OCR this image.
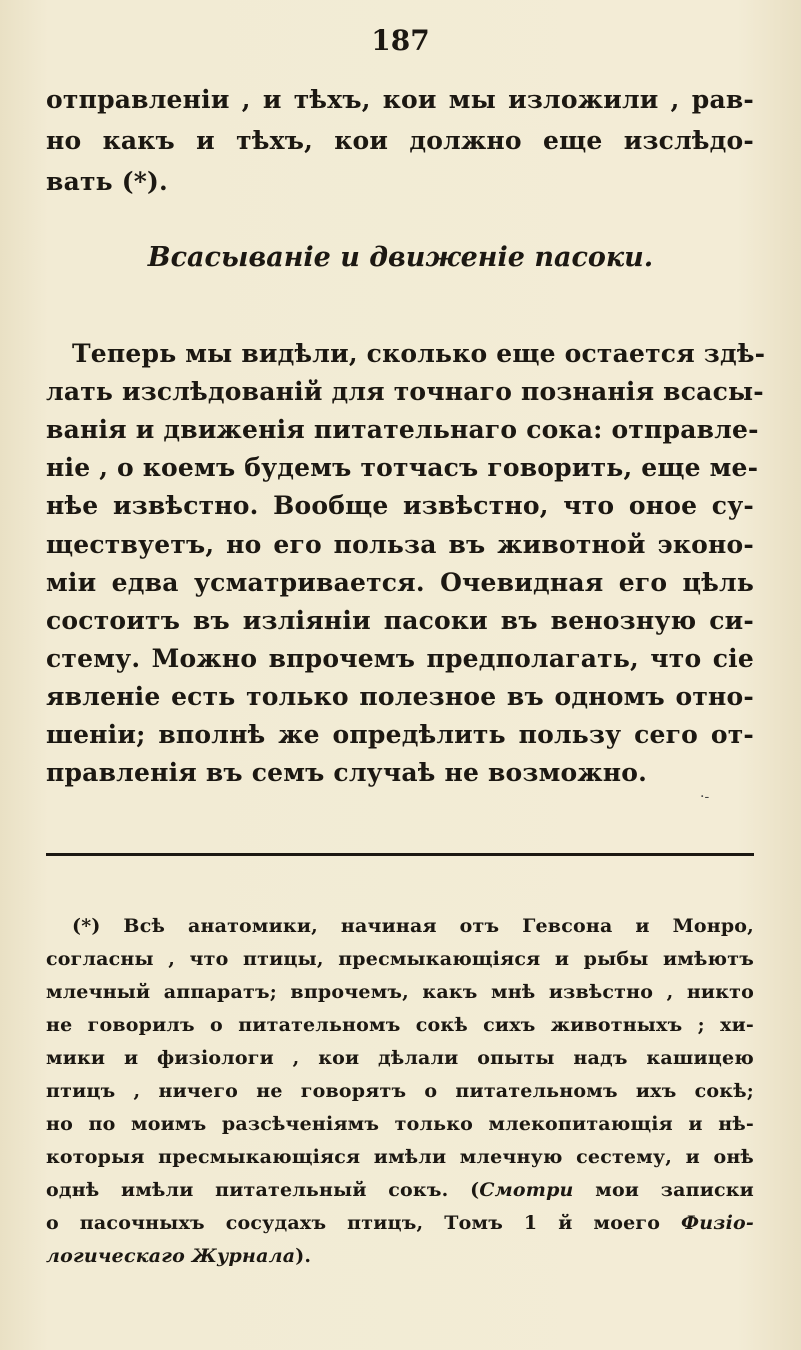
187
отправленіи , и тѣхъ, кои мы изложили , рав-
но какъ и тѣхъ, кои должно еще изслѣдо-
вать (*).
Всасываніе и движеніе пасоки.
Теперь мы видѣли, сколько еще остается здѣ-
лать изслѣдованій для точнаго познанія всасы-
ванія и движенія питательнаго сока: отправле-
ніе , о коемъ будемъ тотчасъ говорить, еще ме-
нѣе извѣстно. Вообще извѣстно, что оное су-
ществуетъ, но его польза въ животной эконо-
міи едва усматривается. Очевидная его цѣль
состоитъ въ изліяніи пасоки въ венозную си-
стему. Можно впрочемъ предполагать, что сіе
явленіе есть только полезное въ одномъ отно-
шеніи; вполнѣ же опредѣлить пользу сего от-
правленія въ семъ случаѣ не возможно.
·‑
(*) Всѣ анатомики, начиная отъ Гевсона и Монро,
согласны , что птицы, пресмыкающіяся и рыбы имѣютъ
млечный аппаратъ; впрочемъ, какъ мнѣ извѣстно , никто
не говорилъ о питательномъ сокѣ сихъ животныхъ ; хи-
мики и физіологи , кои дѣлали опыты надъ кашицею
птицъ , ничего не говорятъ о питательномъ ихъ сокѣ;
но по моимъ разсѣченіямъ только млекопитающія и нѣ-
которыя пресмыкающіяся имѣли млечную сестему, и онѣ
однѣ имѣли питательный сокъ. (Смотри мои записки
о пасочныхъ сосудахъ птицъ, Томъ 1 й моего Физіо-
логическаго Журнала).
